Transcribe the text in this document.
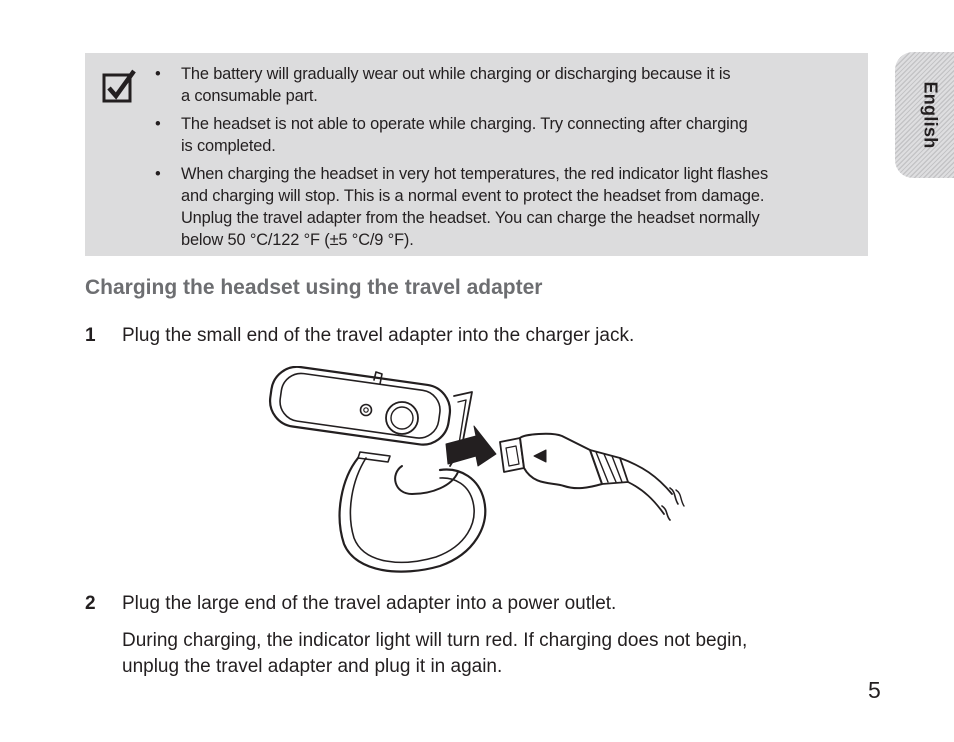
• The battery will gradually wear out while charging or discharging because it is
a consumable part.
• The headset is not able to operate while charging. Try connecting after charging
is completed.
• When charging the headset in very hot temperatures, the red indicator light flashes
and charging will stop. This is a normal event to protect the headset from damage.
Unplug the travel adapter from the headset. You can charge the headset normally
below 50 °C/122 °F (±5 °C/9 °F).
English
Charging the headset using the travel adapter
1 Plug the small end of the travel adapter into the charger jack.
2 Plug the large end of the travel adapter into a power outlet.

During charging, the indicator light will turn red. If charging does not begin,
unplug the travel adapter and plug it in again.

5
